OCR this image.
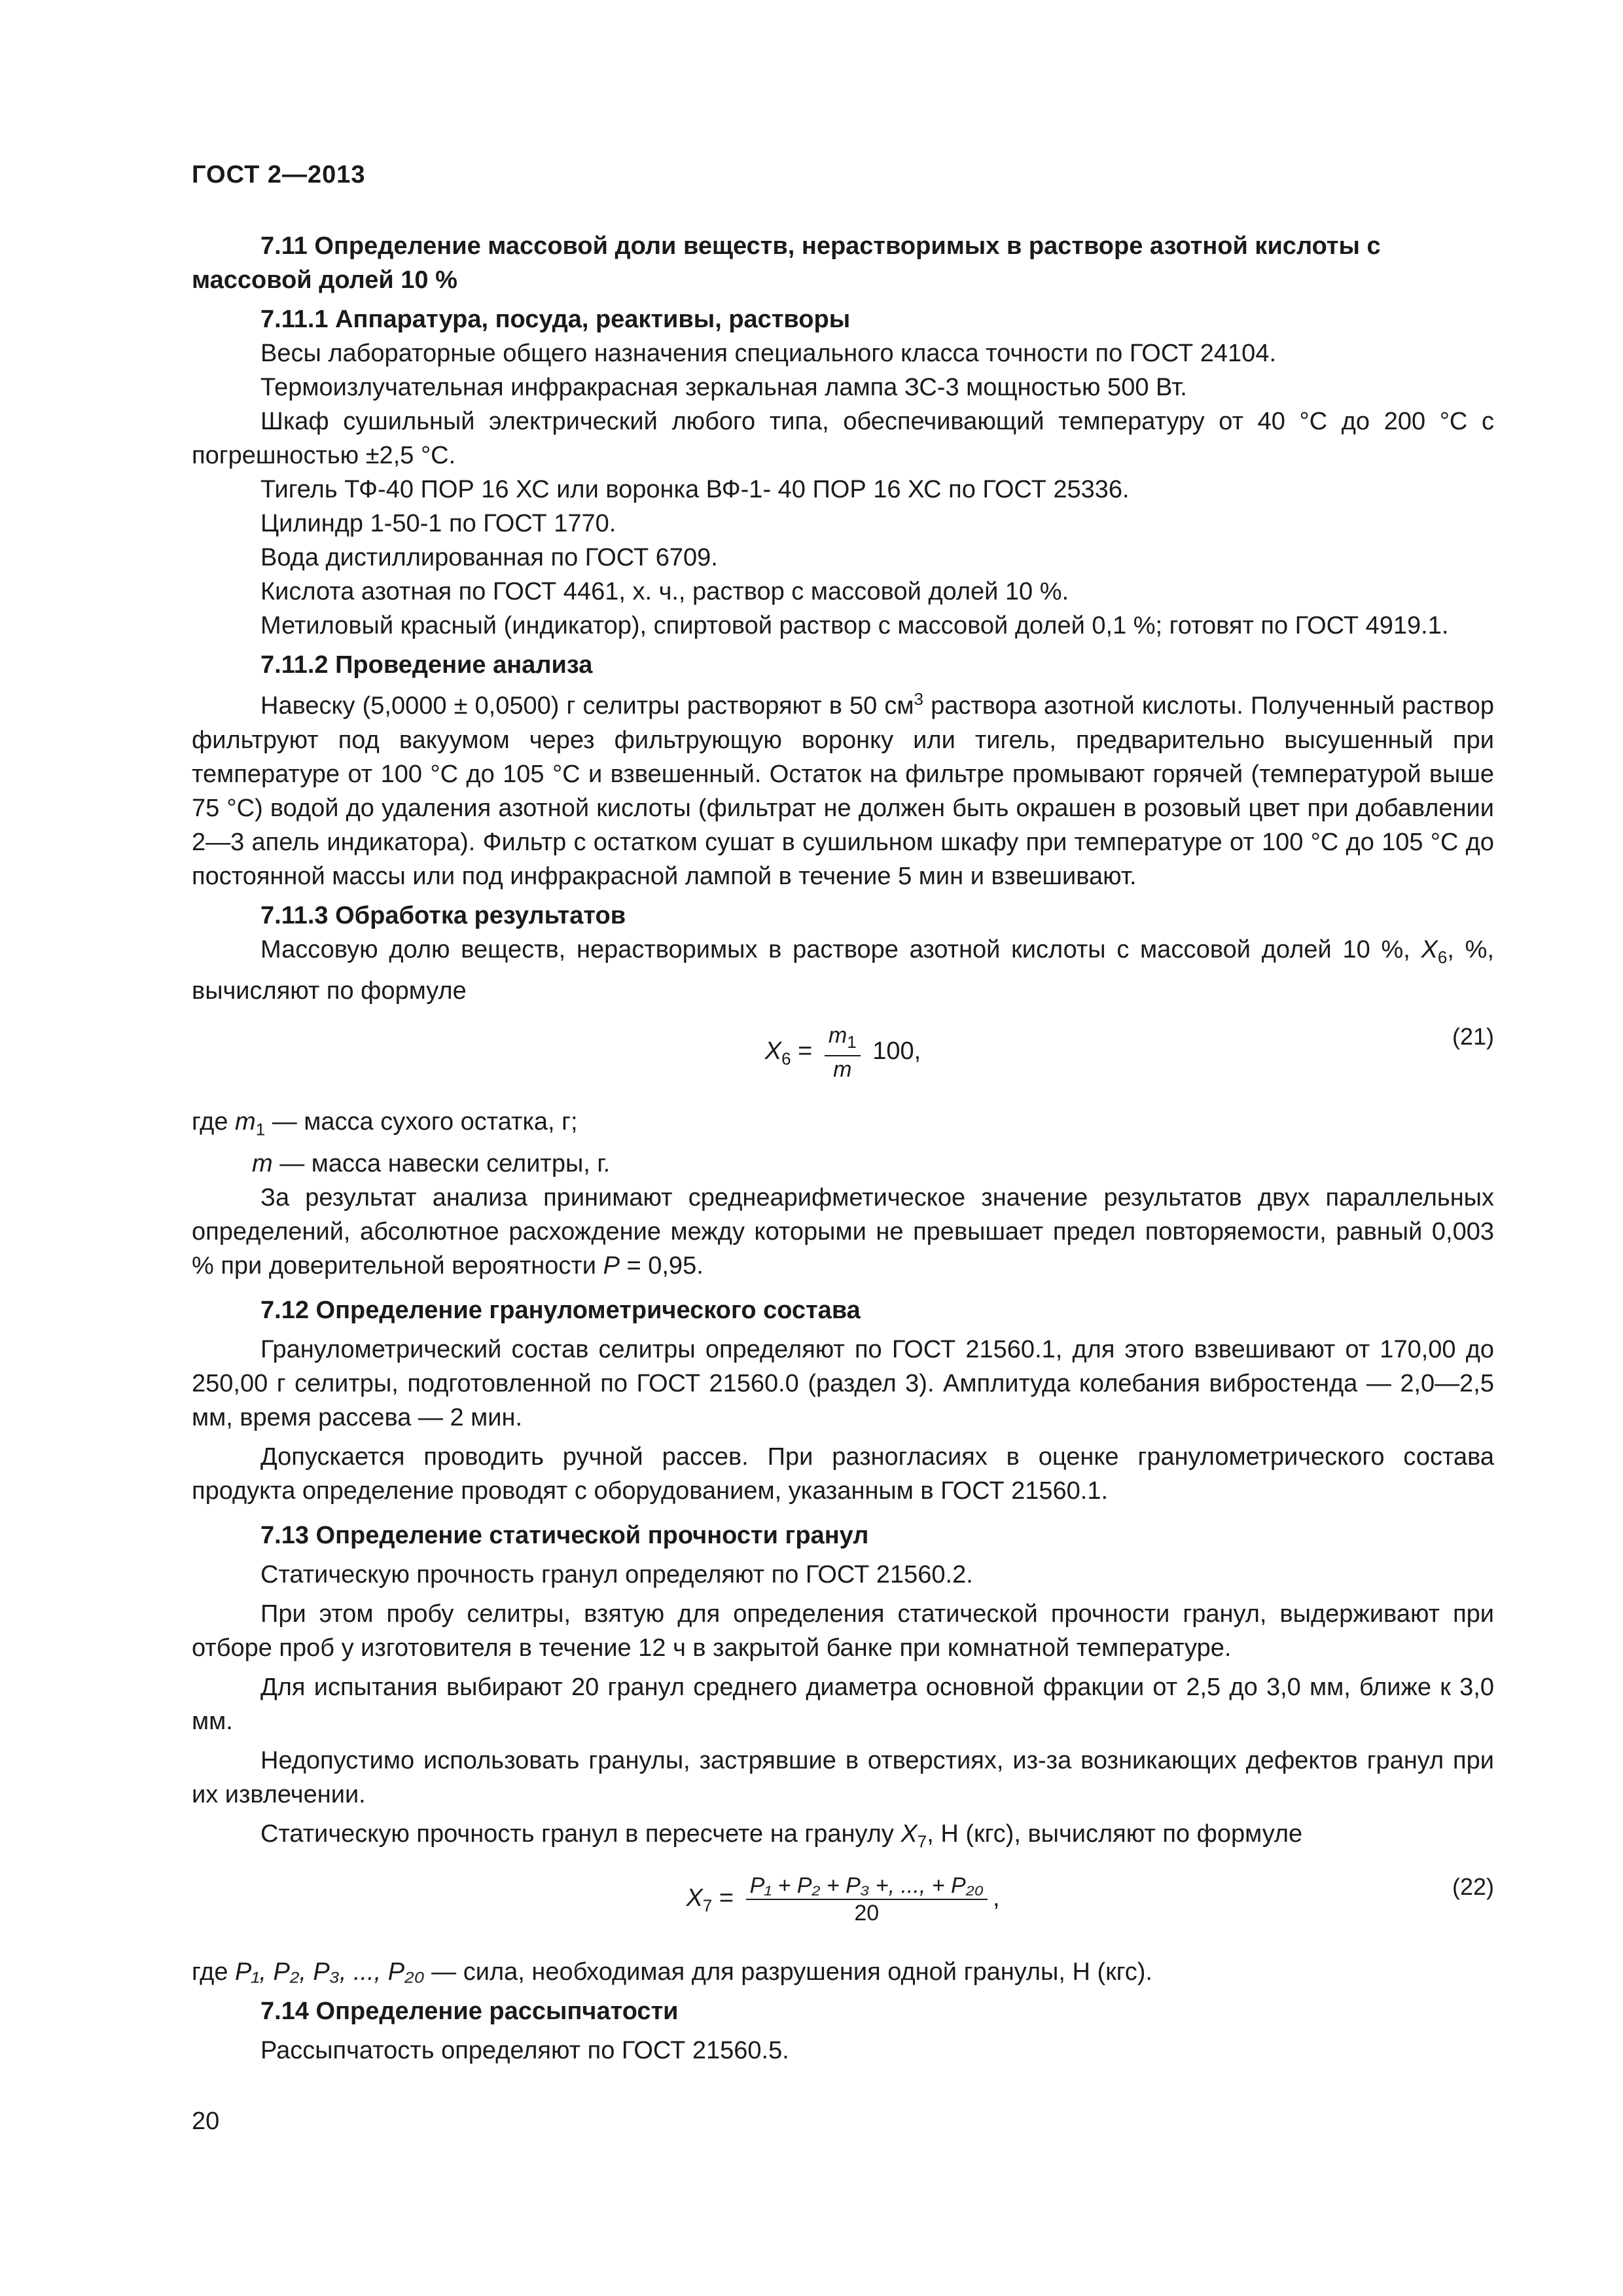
ГОСТ 2—2013

7.11 Определение массовой доли веществ, нерастворимых в растворе азотной кислоты с массовой долей 10 %

7.11.1 Аппаратура, посуда, реактивы, растворы

Весы лабораторные общего назначения специального класса точности по ГОСТ 24104.

Термоизлучательная инфракрасная зеркальная лампа ЗС-3 мощностью 500 Вт.

Шкаф сушильный электрический любого типа, обеспечивающий температуру от 40 °С до 200 °С с погрешностью ±2,5 °С.

Тигель ТФ-40 ПОР 16 ХС или воронка ВФ-1- 40 ПОР 16 ХС по ГОСТ 25336.

Цилиндр 1-50-1 по ГОСТ 1770.

Вода дистиллированная по ГОСТ 6709.

Кислота азотная по ГОСТ 4461, х. ч., раствор с массовой долей 10 %.

Метиловый красный (индикатор), спиртовой раствор с массовой долей 0,1 %; готовят по ГОСТ 4919.1.

7.11.2 Проведение анализа

Навеску (5,0000 ± 0,0500) г селитры растворяют в 50 $см^3$ раствора азотной кислоты. Полученный раствор фильтруют под вакуумом через фильтрующую воронку или тигель, предварительно высушенный при температуре от 100 °С до 105 °С и взвешенный. Остаток на фильтре промывают горячей (температурой выше 75 °С) водой до удаления азотной кислоты (фильтрат не должен быть окрашен в розовый цвет при добавлении 2—3 апель индикатора). Фильтр с остатком сушат в сушильном шкафу при температуре от 100 °С до 105 °С до постоянной массы или под инфракрасной лампой в течение 5 мин и взвешивают.

7.11.3 Обработка результатов

Массовую долю веществ, нерастворимых в растворе азотной кислоты с массовой долей 10 %, $X_6$, %, вычисляют по формуле

$X_6 = \frac{m_1}{m} 100$,
(21)

где $m_1$ — масса сухого остатка, г;

m — масса навески селитры, г.

За результат анализа принимают среднеарифметическое значение результатов двух параллельных определений, абсолютное расхождение между которыми не превышает предел повторяемости, равный 0,003 % при доверительной вероятности P = 0,95.

7.12 Определение гранулометрического состава

Гранулометрический состав селитры определяют по ГОСТ 21560.1, для этого взвешивают от 170,00 до 250,00 г селитры, подготовленной по ГОСТ 21560.0 (раздел 3). Амплитуда колебания вибростенда — 2,0—2,5 мм, время рассева — 2 мин.

Допускается проводить ручной рассев. При разногласиях в оценке гранулометрического состава продукта определение проводят с оборудованием, указанным в ГОСТ 21560.1.

7.13 Определение статической прочности гранул

Статическую прочность гранул определяют по ГОСТ 21560.2.

При этом пробу селитры, взятую для определения статической прочности гранул, выдерживают при отборе проб у изготовителя в течение 12 ч в закрытой банке при комнатной температуре.

Для испытания выбирают 20 гранул среднего диаметра основной фракции от 2,5 до 3,0 мм, ближе к 3,0 мм.

Недопустимо использовать гранулы, застрявшие в отверстиях, из-за возникающих дефектов гранул при их извлечении.

Статическую прочность гранул в пересчете на гранулу $X_7$, Н (кгс), вычисляют по формуле

$X_7 = \frac{\text{P₁ + P₂ + P₃ +, ..., + P₂₀}}{20}$ ,	(22)

где P₁, P₂, P₃, ..., P₂₀ — сила, необходимая для разрушения одной гранулы, Н (кгс).

7.14 Определение рассыпчатости

Рассыпчатость определяют по ГОСТ 21560.5.

20
